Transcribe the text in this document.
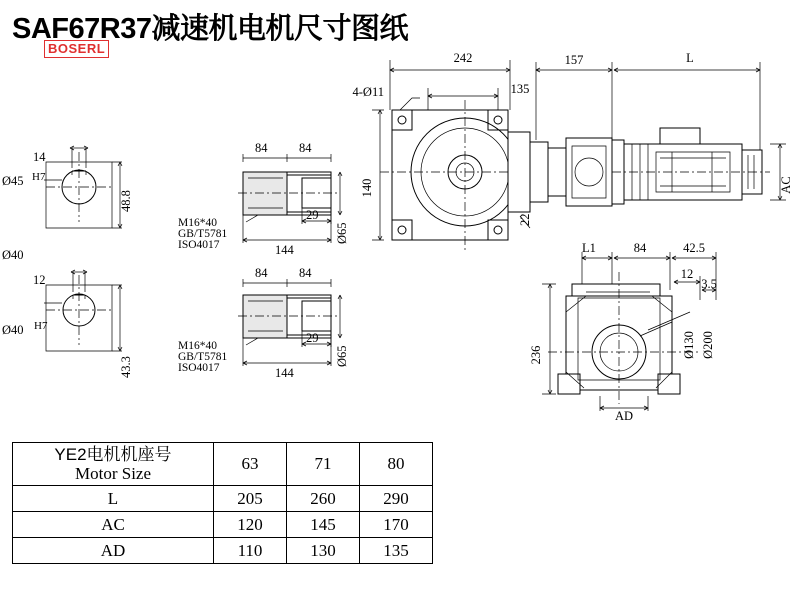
SAF67R37减速机电机尺寸图纸
BOSERL
14
Ø45 H7
Ø40
48.8
12
Ø40 H7
43.3
84	84
29
144
Ø65
M16*40
GB/T5781
ISO4017
84	84
29
144
Ø65
M16*40
GB/T5781
ISO4017
242
135
157	L
4-Ø11
140
22
AC
L1	84	42.5
12
3.5
236
AD
Ø130 Ø200
YE2电机机座号
Motor Size	63	71	80
L	205	260	290
AC	120	145	170
AD	110	130	135
